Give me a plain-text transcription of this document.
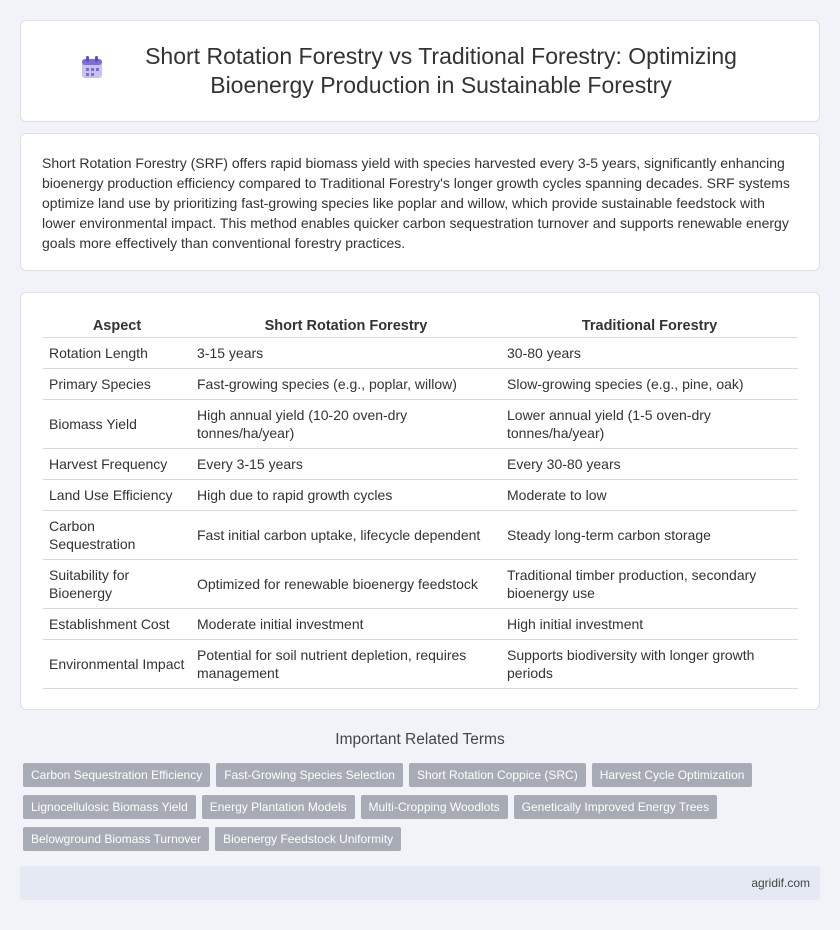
Short Rotation Forestry vs Traditional Forestry: Optimizing Bioenergy Production in Sustainable Forestry

Short Rotation Forestry (SRF) offers rapid biomass yield with species harvested every 3-5 years, significantly enhancing bioenergy production efficiency compared to Traditional Forestry's longer growth cycles spanning decades. SRF systems optimize land use by prioritizing fast-growing species like poplar and willow, which provide sustainable feedstock with lower environmental impact. This method enables quicker carbon sequestration turnover and supports renewable energy goals more effectively than conventional forestry practices.

Aspect	Short Rotation Forestry	Traditional Forestry
Rotation Length	3-15 years	30-80 years
Primary Species	Fast-growing species (e.g., poplar, willow)	Slow-growing species (e.g., pine, oak)
Biomass Yield	High annual yield (10-20 oven-dry tonnes/ha/year)	Lower annual yield (1-5 oven-dry tonnes/ha/year)
Harvest Frequency	Every 3-15 years	Every 30-80 years
Land Use Efficiency	High due to rapid growth cycles	Moderate to low
Carbon Sequestration	Fast initial carbon uptake, lifecycle dependent	Steady long-term carbon storage
Suitability for Bioenergy	Optimized for renewable bioenergy feedstock	Traditional timber production, secondary bioenergy use
Establishment Cost	Moderate initial investment	High initial investment
Environmental Impact	Potential for soil nutrient depletion, requires management	Supports biodiversity with longer growth periods
Important Related Terms
Carbon Sequestration Efficiency	Fast-Growing Species Selection	Short Rotation Coppice (SRC)	Harvest Cycle Optimization
Lignocellulosic Biomass Yield	Energy Plantation Models	Multi-Cropping Woodlots	Genetically Improved Energy Trees
Belowground Biomass Turnover	Bioenergy Feedstock Uniformity
agridif.com
